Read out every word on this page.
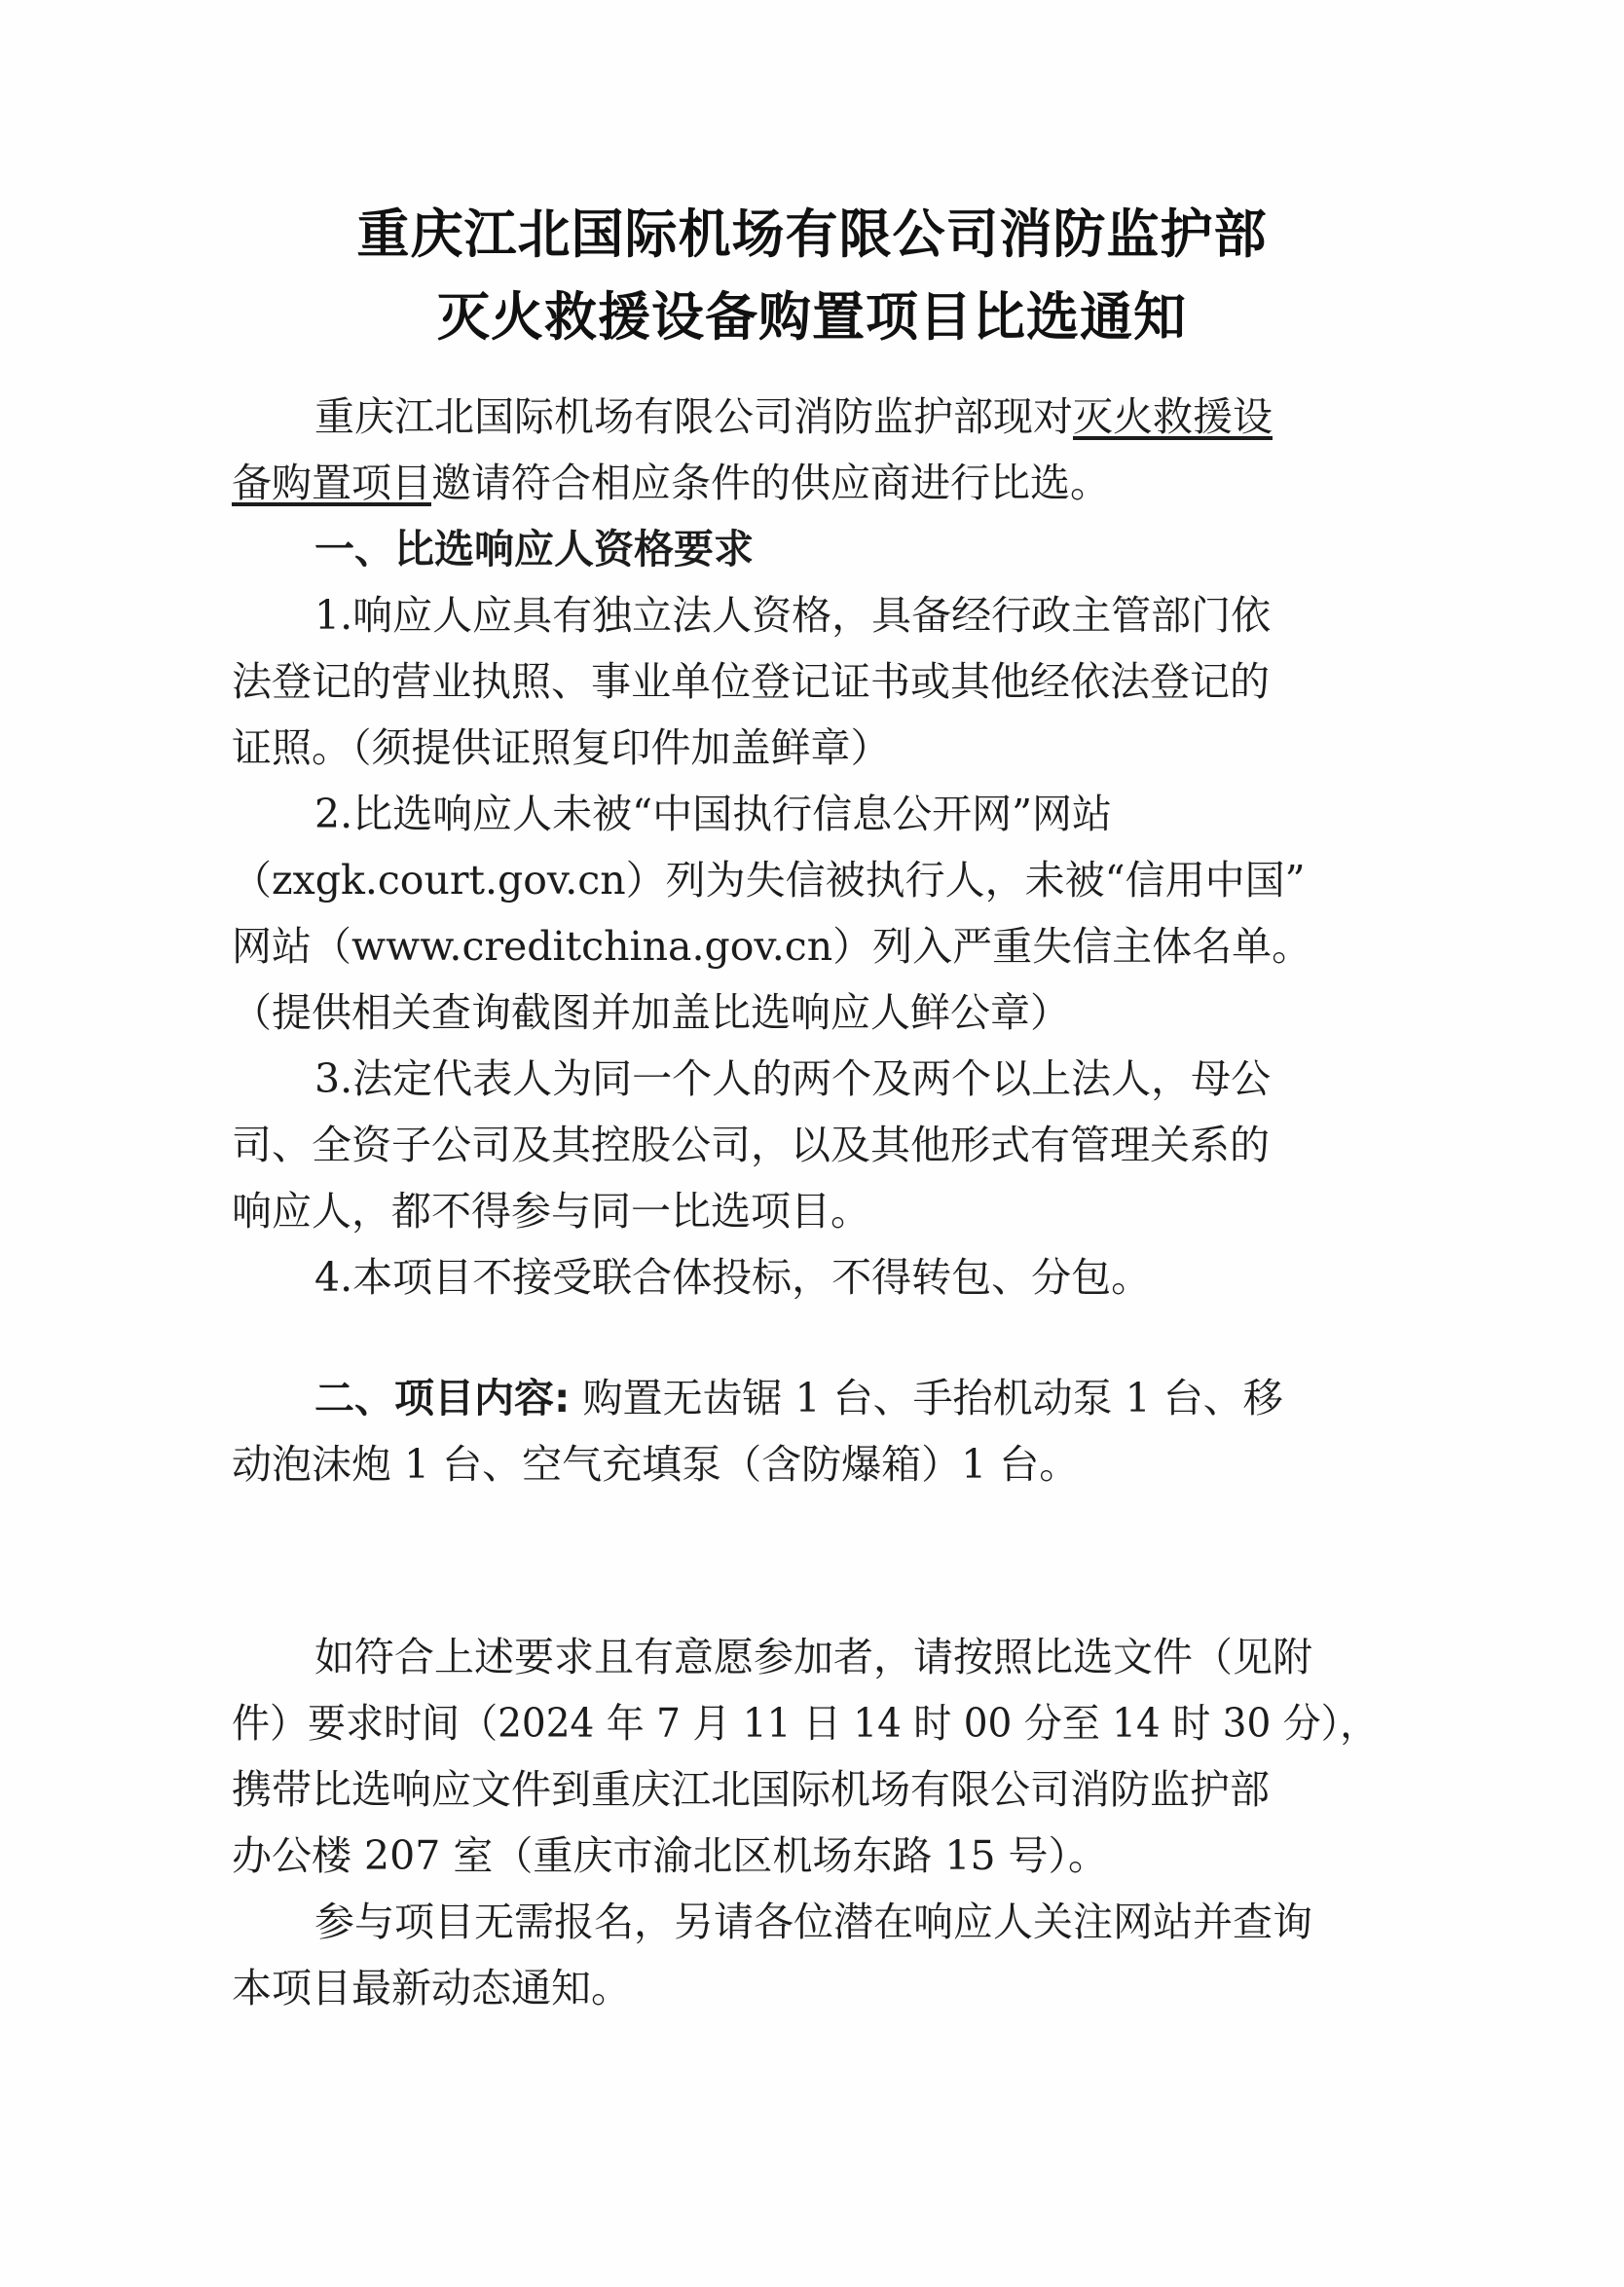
重庆江北国际机场有限公司消防监护部
灭火救援设备购置项目比选通知
重庆江北国际机场有限公司消防监护部现对灭火救援设
备购置项目邀请符合相应条件的供应商进行比选。
一、比选响应人资格要求
1.响应人应具有独立法人资格，具备经行政主管部门依
法登记的营业执照、事业单位登记证书或其他经依法登记的
证照。（须提供证照复印件加盖鲜章）
2.比选响应人未被“中国执行信息公开网”网站
（zxgk.court.gov.cn）列为失信被执行人，未被“信用中国”
网站（www.creditchina.gov.cn）列入严重失信主体名单。
（提供相关查询截图并加盖比选响应人鲜公章）
3.法定代表人为同一个人的两个及两个以上法人，母公
司、全资子公司及其控股公司，以及其他形式有管理关系的
响应人，都不得参与同一比选项目。
4.本项目不接受联合体投标，不得转包、分包。
二、项目内容: 购置无齿锯 1 台、手抬机动泵 1 台、移
动泡沫炮 1 台、空气充填泵（含防爆箱）1 台。
如符合上述要求且有意愿参加者，请按照比选文件（见附
件）要求时间（2024 年 7 月 11 日 14 时 00 分至 14 时 30 分），
携带比选响应文件到重庆江北国际机场有限公司消防监护部
办公楼 207 室（重庆市渝北区机场东路 15 号）。
参与项目无需报名，另请各位潜在响应人关注网站并查询
本项目最新动态通知。
